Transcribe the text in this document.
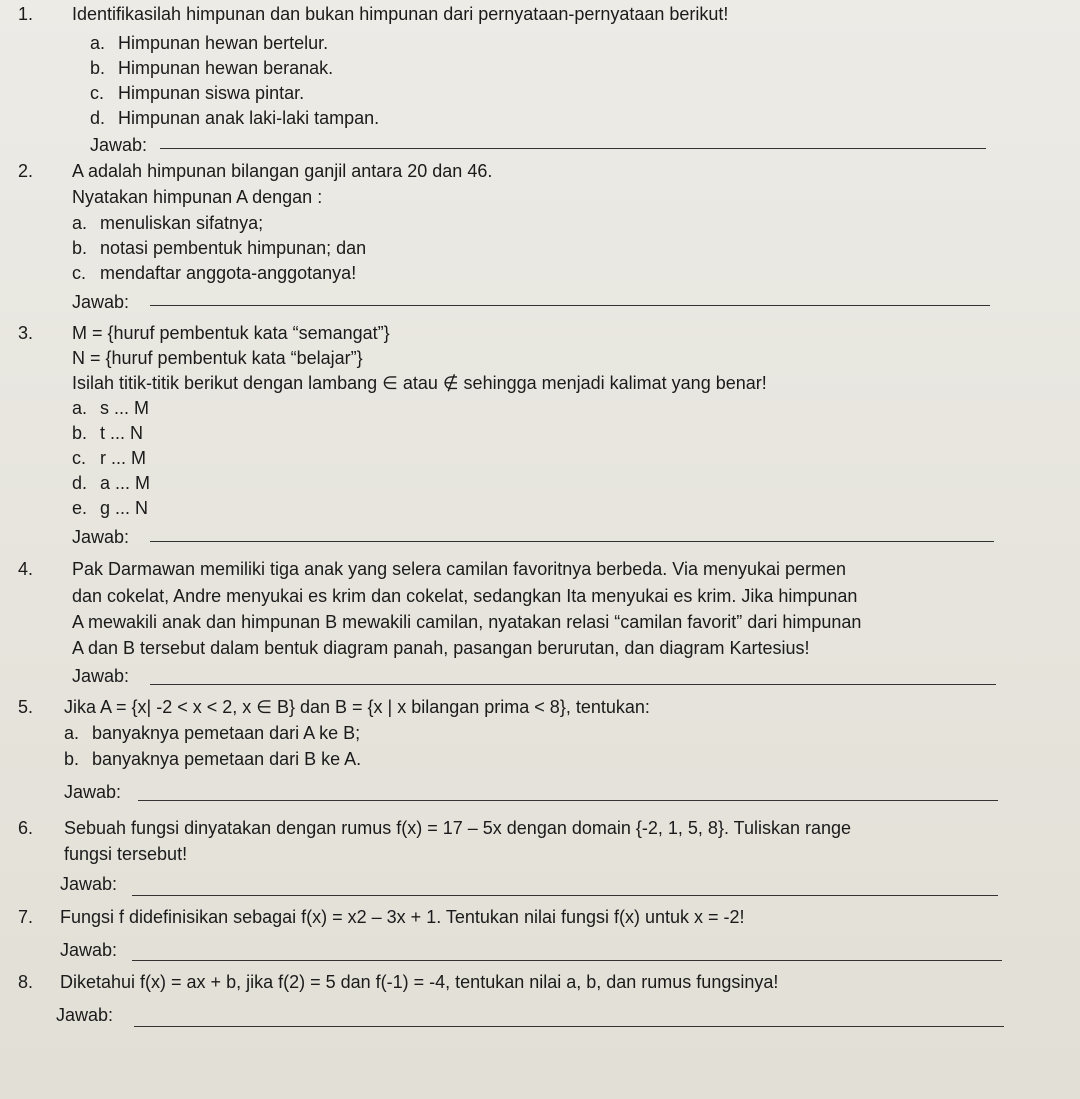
1.	Identifikasilah himpunan dan bukan himpunan dari pernyataan-pernyataan berikut!
a. Himpunan hewan bertelur.
b. Himpunan hewan beranak.
c. Himpunan siswa pintar.
d. Himpunan anak laki-laki tampan.
Jawab:
2.	A adalah himpunan bilangan ganjil antara 20 dan 46.
Nyatakan himpunan A dengan :
a. menuliskan sifatnya;
b. notasi pembentuk himpunan; dan
c. mendaftar anggota-anggotanya!
Jawab:
3.	M = {huruf pembentuk kata “semangat”}
N = {huruf pembentuk kata “belajar”}
Isilah titik-titik berikut dengan lambang ∈ atau ∉ sehingga menjadi kalimat yang benar!
a. s ... M
b. t ... N
c. r ... M
d. a ... M
e. g ... N
Jawab:
4.	Pak Darmawan memiliki tiga anak yang selera camilan favoritnya berbeda. Via menyukai permen
dan cokelat, Andre menyukai es krim dan cokelat, sedangkan Ita menyukai es krim. Jika himpunan
A mewakili anak dan himpunan B mewakili camilan, nyatakan relasi “camilan favorit” dari himpunan
A dan B tersebut dalam bentuk diagram panah, pasangan berurutan, dan diagram Kartesius!
Jawab:
5.	Jika A = {x| -2 < x < 2, x ∈ B} dan B = {x | x bilangan prima < 8}, tentukan:
a. banyaknya pemetaan dari A ke B;
b. banyaknya pemetaan dari B ke A.
Jawab:
6.	Sebuah fungsi dinyatakan dengan rumus f(x) = 17 – 5x dengan domain {-2, 1, 5, 8}. Tuliskan range
fungsi tersebut!
Jawab:
7.	Fungsi f didefinisikan sebagai f(x) = x2 – 3x + 1. Tentukan nilai fungsi f(x) untuk x = -2!
Jawab:
8.	Diketahui f(x) = ax + b, jika f(2) = 5 dan f(-1) = -4, tentukan nilai a, b, dan rumus fungsinya!
Jawab:
